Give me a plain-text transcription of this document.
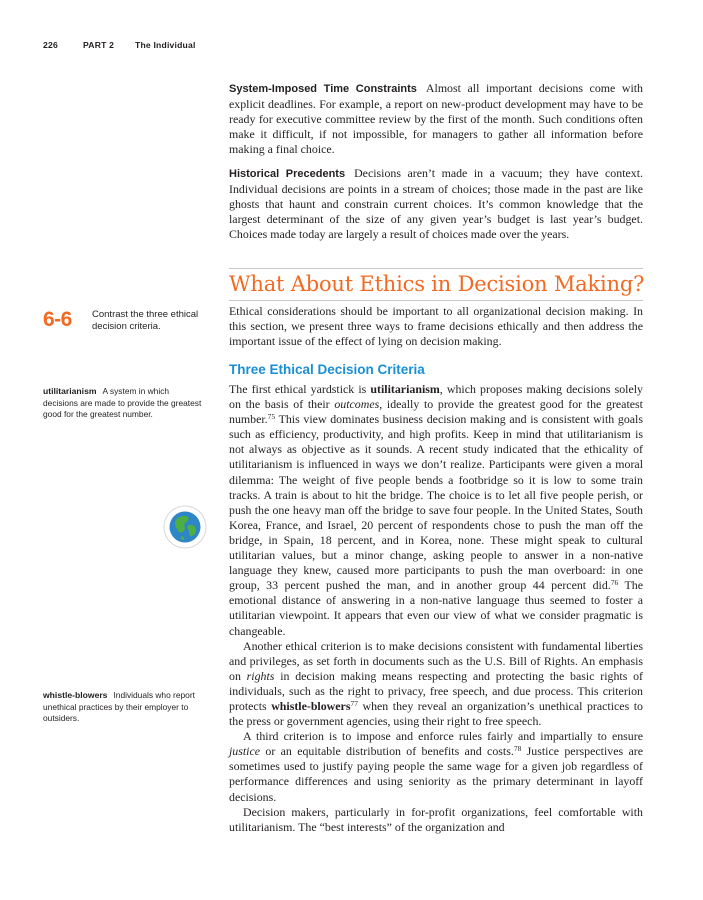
226	PART 2 The Individual

System-Imposed Time Constraints Almost all important decisions come with explicit deadlines. For example, a report on new-product development may have to be ready for executive committee review by the first of the month. Such conditions often make it difficult, if not impossible, for managers to gather all information before making a final choice.

Historical Precedents Decisions aren’t made in a vacuum; they have context. Individual decisions are points in a stream of choices; those made in the past are like ghosts that haunt and constrain current choices. It’s common knowledge that the largest determinant of the size of any given year’s budget is last year’s budget. Choices made today are largely a result of choices made over the years.

What About Ethics in Decision Making?

Ethical considerations should be important to all organizational decision making. In this section, we present three ways to frame decisions ethically and then address the important issue of the effect of lying on decision making.

Three Ethical Decision Criteria

The first ethical yardstick is utilitarianism, which proposes making decisions solely on the basis of their outcomes, ideally to provide the greatest good for the greatest number.$^{75}$ This view dominates business decision making and is consistent with goals such as efficiency, productivity, and high profits. Keep in mind that utilitarianism is not always as objective as it sounds. A recent study indicated that the ethicality of utilitarianism is influenced in ways we don’t realize. Participants were given a moral dilemma: The weight of five people bends a footbridge so it is low to some train tracks. A train is about to hit the bridge. The choice is to let all five people perish, or push the one heavy man off the bridge to save four people. In the United States, South Korea, France, and Israel, 20 percent of respondents chose to push the man off the bridge, in Spain, 18 percent, and in Korea, none. These might speak to cultural utilitarian values, but a minor change, asking people to answer in a non-native language they knew, caused more participants to push the man overboard: in one group, 33 percent pushed the man, and in another group 44 percent did.$^{76}$ The emotional distance of answering in a non-native language thus seemed to foster a utilitarian viewpoint. It appears that even our view of what we consider pragmatic is changeable.

Another ethical criterion is to make decisions consistent with fundamental liberties and privileges, as set forth in documents such as the U.S. Bill of Rights. An emphasis on rights in decision making means respecting and protecting the basic rights of individuals, such as the right to privacy, free speech, and due process. This criterion protects whistle-blowers$^{77}$ when they reveal an organization’s unethical practices to the press or government agencies, using their right to free speech.

A third criterion is to impose and enforce rules fairly and impartially to ensure justice or an equitable distribution of benefits and costs.$^{78}$ Justice perspectives are sometimes used to justify paying people the same wage for a given job regardless of performance differences and using seniority as the primary determinant in layoff decisions.

Decision makers, particularly in for-profit organizations, feel comfortable with utilitarianism. The “best interests” of the organization and

6-6 Contrast the three ethical decision criteria.
utilitarianism A system in which decisions are made to provide the greatest good for the greatest number.
whistle-blowers Individuals who report unethical practices by their employer to outsiders.
